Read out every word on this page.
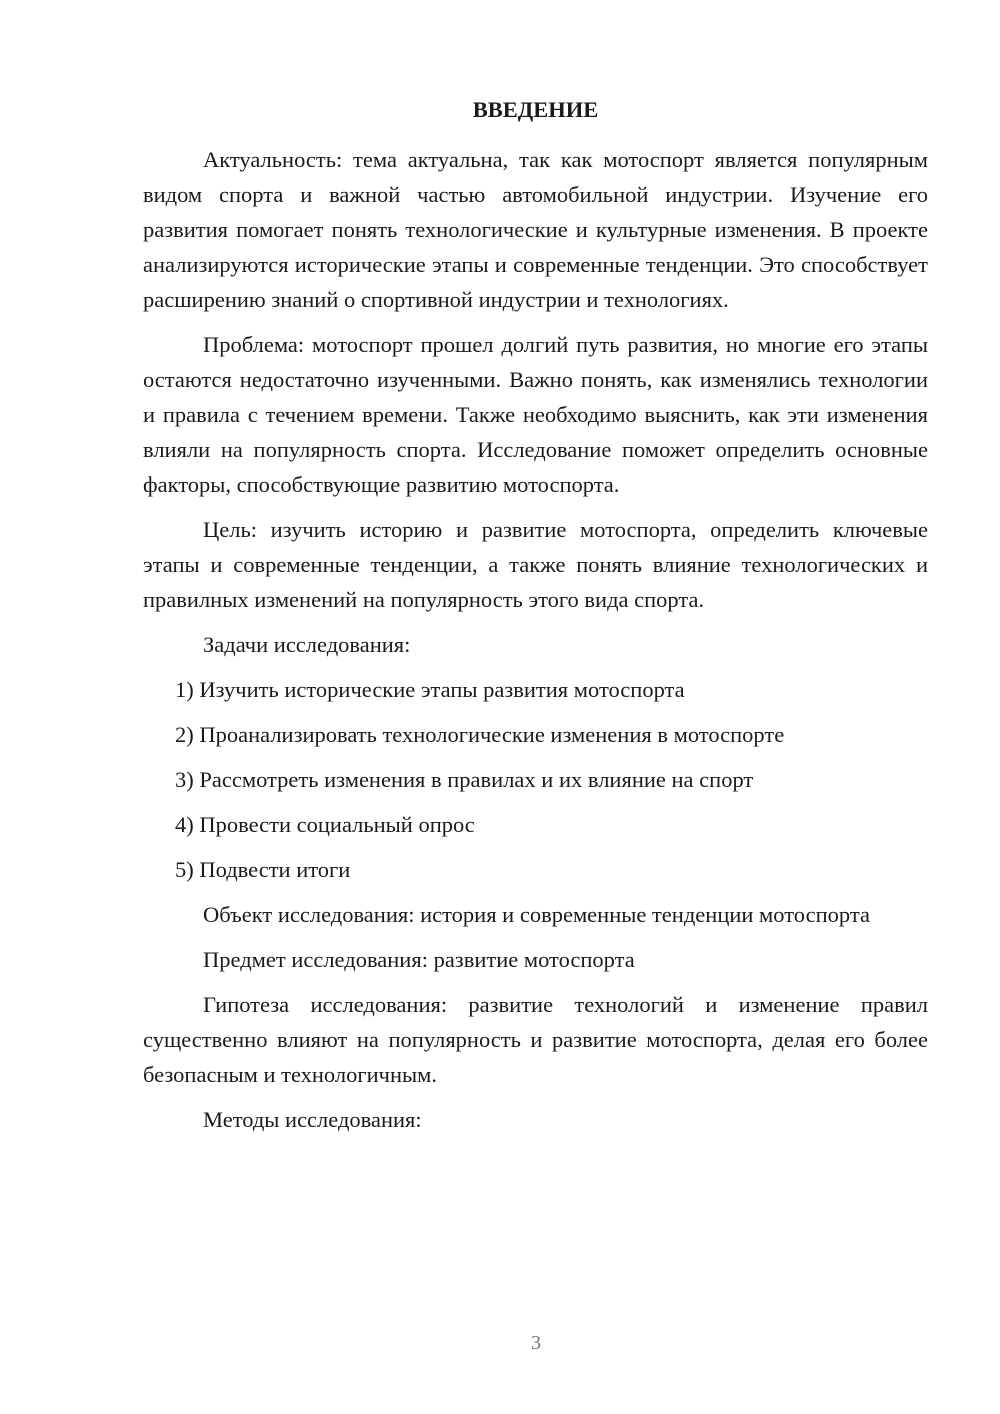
ВВЕДЕНИЕ

Актуальность: тема актуальна, так как мотоспорт является популярным видом спорта и важной частью автомобильной индустрии. Изучение его развития помогает понять технологические и культурные изменения. В проекте анализируются исторические этапы и современные тенденции. Это способствует расширению знаний о спортивной индустрии и технологиях.

Проблема: мотоспорт прошел долгий путь развития, но многие его этапы остаются недостаточно изученными. Важно понять, как изменялись технологии и правила с течением времени. Также необходимо выяснить, как эти изменения влияли на популярность спорта. Исследование поможет определить основные факторы, способствующие развитию мотоспорта.

Цель: изучить историю и развитие мотоспорта, определить ключевые этапы и современные тенденции, а также понять влияние технологических и правилных изменений на популярность этого вида спорта.

Задачи исследования:

1) Изучить исторические этапы развития мотоспорта

2) Проанализировать технологические изменения в мотоспорте

3) Рассмотреть изменения в правилах и их влияние на спорт

4) Провести социальный опрос

5) Подвести итоги

Объект исследования: история и современные тенденции мотоспорта

Предмет исследования: развитие мотоспорта

Гипотеза исследования: развитие технологий и изменение правил существенно влияют на популярность и развитие мотоспорта, делая его более безопасным и технологичным.

Методы исследования:

3
